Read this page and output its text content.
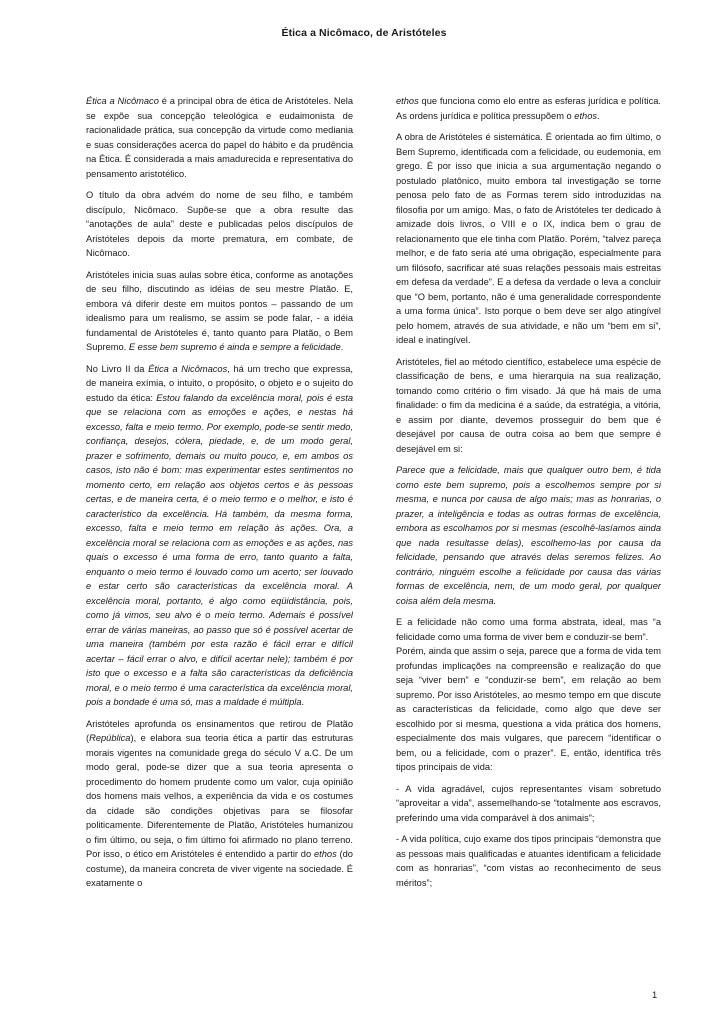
Ética a Nicômaco, de Aristóteles

Ética a Nicômaco é a principal obra de ética de Aristóteles. Nela se expõe sua concepção teleológica e eudaimonista de racionalidade prática, sua concepção da virtude como mediania e suas considerações acerca do papel do hábito e da prudência na Ética. É considerada a mais amadurecida e representativa do pensamento aristotélico.

O título da obra advém do nome de seu filho, e também discípulo, Nicômaco. Supõe-se que a obra resulte das “anotações de aula” deste e publicadas pelos discípulos de Aristóteles depois da morte prematura, em combate, de Nicômaco.

Aristóteles inicia suas aulas sobre ética, conforme as anotações de seu filho, discutindo as idéias de seu mestre Platão. E, embora vá diferir deste em muitos pontos – passando de um idealismo para um realismo, se assim se pode falar, - a idéia fundamental de Aristóteles é, tanto quanto para Platão, o Bem Supremo. E esse bem supremo é ainda e sempre a felicidade.

No Livro II da Ética a Nicômacos, há um trecho que expressa, de maneira exímia, o intuito, o propósito, o objeto e o sujeito do estudo da ética: Estou falando da excelência moral, pois é esta que se relaciona com as emoções e ações, e nestas há excesso, falta e meio termo. Por exemplo, pode-se sentir medo, confiança, desejos, cólera, piedade, e, de um modo geral, prazer e sofrimento, demais ou muito pouco, e, em ambos os casos, isto não é bom: mas experimentar estes sentimentos no momento certo, em relação aos objetos certos e às pessoas certas, e de maneira certa, é o meio termo e o melhor, e isto é característico da excelência. Há também, da mesma forma, excesso, falta e meio termo em relação às ações. Ora, a excelência moral se relaciona com as emoções e as ações, nas quais o excesso é uma forma de erro, tanto quanto a falta, enquanto o meio termo é louvado como um acerto; ser louvado e estar certo são características da excelência moral. A excelência moral, portanto, é algo como eqüidistância, pois, como já vimos, seu alvo é o meio termo. Ademais é possível errar de várias maneiras, ao passo que só é possível acertar de uma maneira (também por esta razão é fácil errar e difícil acertar – fácil errar o alvo, e difícil acertar nele); também é por isto que o excesso e a falta são características da deficiência moral, e o meio termo é uma característica da excelência moral, pois a bondade é uma só, mas a maldade é múltipla.

Aristóteles aprofunda os ensinamentos que retirou de Platão (República), e elabora sua teoria ética a partir das estruturas morais vigentes na comunidade grega do século V a.C. De um modo geral, pode-se dizer que a sua teoria apresenta o procedimento do homem prudente como um valor, cuja opinião dos homens mais velhos, a experiência da vida e os costumes da cidade são condições objetivas para se filosofar politicamente. Diferentemente de Platão, Aristóteles humanizou o fim último, ou seja, o fim último foi afirmado no plano terreno. Por isso, o ético em Aristóteles é entendido a partir do ethos (do costume), da maneira concreta de viver vigente na sociedade. É exatamente o

ethos que funciona como elo entre as esferas jurídica e política. As ordens jurídica e política pressupõem o ethos.

A obra de Aristóteles é sistemática. É orientada ao fim último, o Bem Supremo, identificada com a felicidade, ou eudemonia, em grego. É por isso que inicia a sua argumentação negando o postulado platônico, muito embora tal investigação se torne penosa pelo fato de as Formas terem sido introduzidas na filosofia por um amigo. Mas, o fato de Aristóteles ter dedicado à amizade dois livros, o VIII e o IX, indica bem o grau de relacionamento que ele tinha com Platão. Porém, “talvez pareça melhor, e de fato seria até uma obrigação, especialmente para um filósofo, sacrificar até suas relações pessoais mais estreitas em defesa da verdade”. E a defesa da verdade o leva a concluir que “O bem, portanto, não é uma generalidade correspondente a uma forma única”. Isto porque o bem deve ser algo atingível pelo homem, através de sua atividade, e não um “bem em si”, ideal e inatingível.

Aristóteles, fiel ao método científico, estabelece uma espécie de classificação de bens, e uma hierarquia na sua realização, tomando como critério o fim visado. Já que há mais de uma finalidade: o fim da medicina é a saúde, da estratégia, a vitória, e assim por diante, devemos prosseguir do bem que é desejável por causa de outra coisa ao bem que sempre é desejável em si:

Parece que a felicidade, mais que qualquer outro bem, é tida como este bem supremo, pois a escolhemos sempre por si mesma, e nunca por causa de algo mais; mas as honrarias, o prazer, a inteligência e todas as outras formas de excelência, embora as escolhamos por si mesmas (escolhê-lasíamos ainda que nada resultasse delas), escolhemo-las por causa da felicidade, pensando que através delas seremos felizes. Ao contrário, ninguém escolhe a felicidade por causa das várias formas de excelência, nem, de um modo geral, por qualquer coisa além dela mesma.

E a felicidade não como uma forma abstrata, ideal, mas “a felicidade como uma forma de viver bem e conduzir-se bem”.

Porém, ainda que assim o seja, parece que a forma de vida tem profundas implicações na compreensão e realização do que seja “viver bem” e “conduzir-se bem”, em relação ao bem supremo. Por isso Aristóteles, ao mesmo tempo em que discute as características da felicidade, como algo que deve ser escolhido por si mesma, questiona a vida prática dos homens, especialmente dos mais vulgares, que parecem “identificar o bem, ou a felicidade, com o prazer”. E, então, identifica três tipos principais de vida:

- A vida agradável, cujos representantes visam sobretudo “aproveitar a vida”, assemelhando-se “totalmente aos escravos, preferindo uma vida comparável à dos animais”;

- A vida política, cujo exame dos tipos principais “demonstra que as pessoas mais qualificadas e atuantes identificam a felicidade com as honrarias”, “com vistas ao reconhecimento de seus méritos”;

1
